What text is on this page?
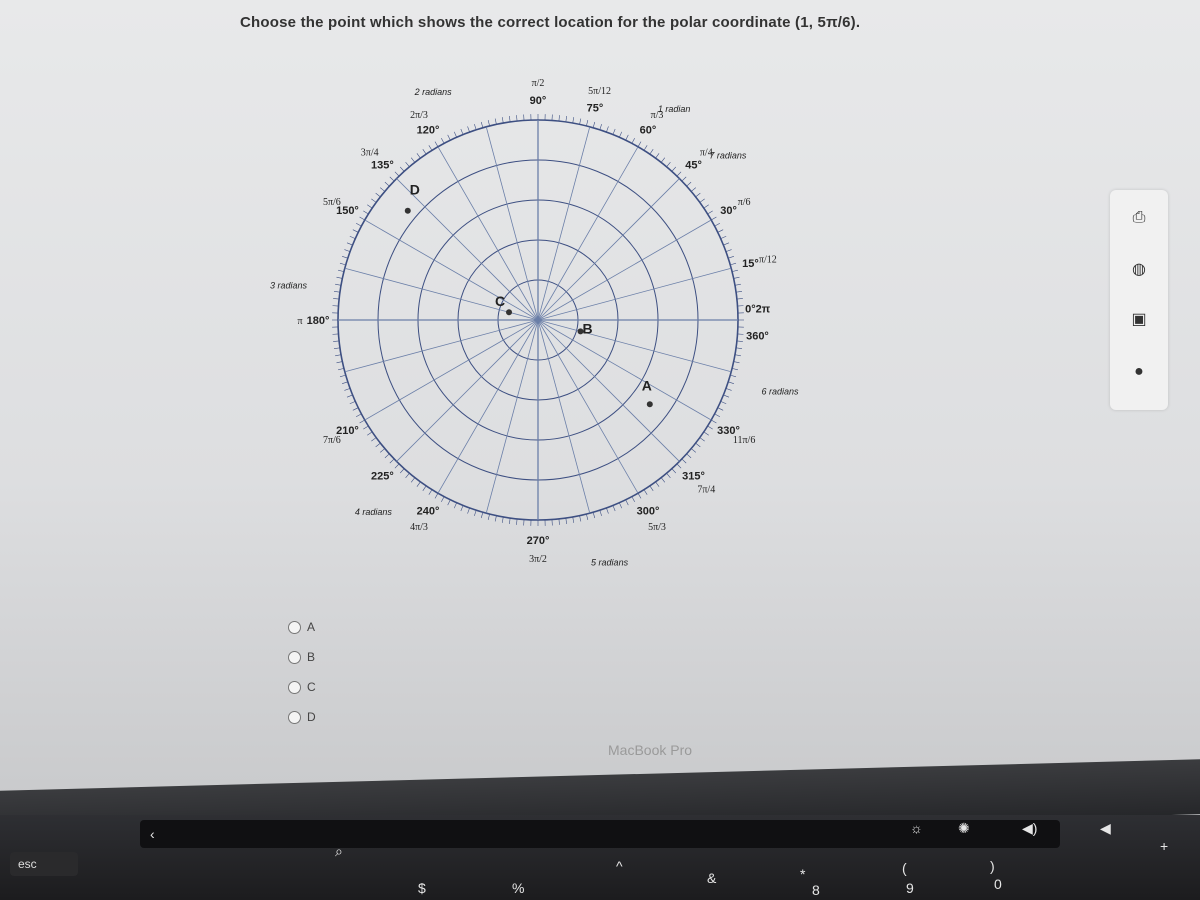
Choose the point which shows the correct location for the polar coordinate (1, 5π/6).
90°
75°
60°
45°
30°
15°
0°2π
360°
330°
315°
300°
270°
240°
225°
210°
180°
150°
135°
120°
π/2
5π/12
π/3
π/4
π/6
π/12
11π/6
7π/4
5π/3
3π/2
4π/3
7π/6
π
5π/6
3π/4
2π/3
1 radian
2 radians
3 radians
4 radians
5 radians
6 radians
7 radians
A
B
C
D
A
B
C
D
MacBook Pro
⎙
◍
▣
●
esc
‹
⌕
$	%
^
&	*
8
(
9
)
0
+
☼	✺	◀)	◀
